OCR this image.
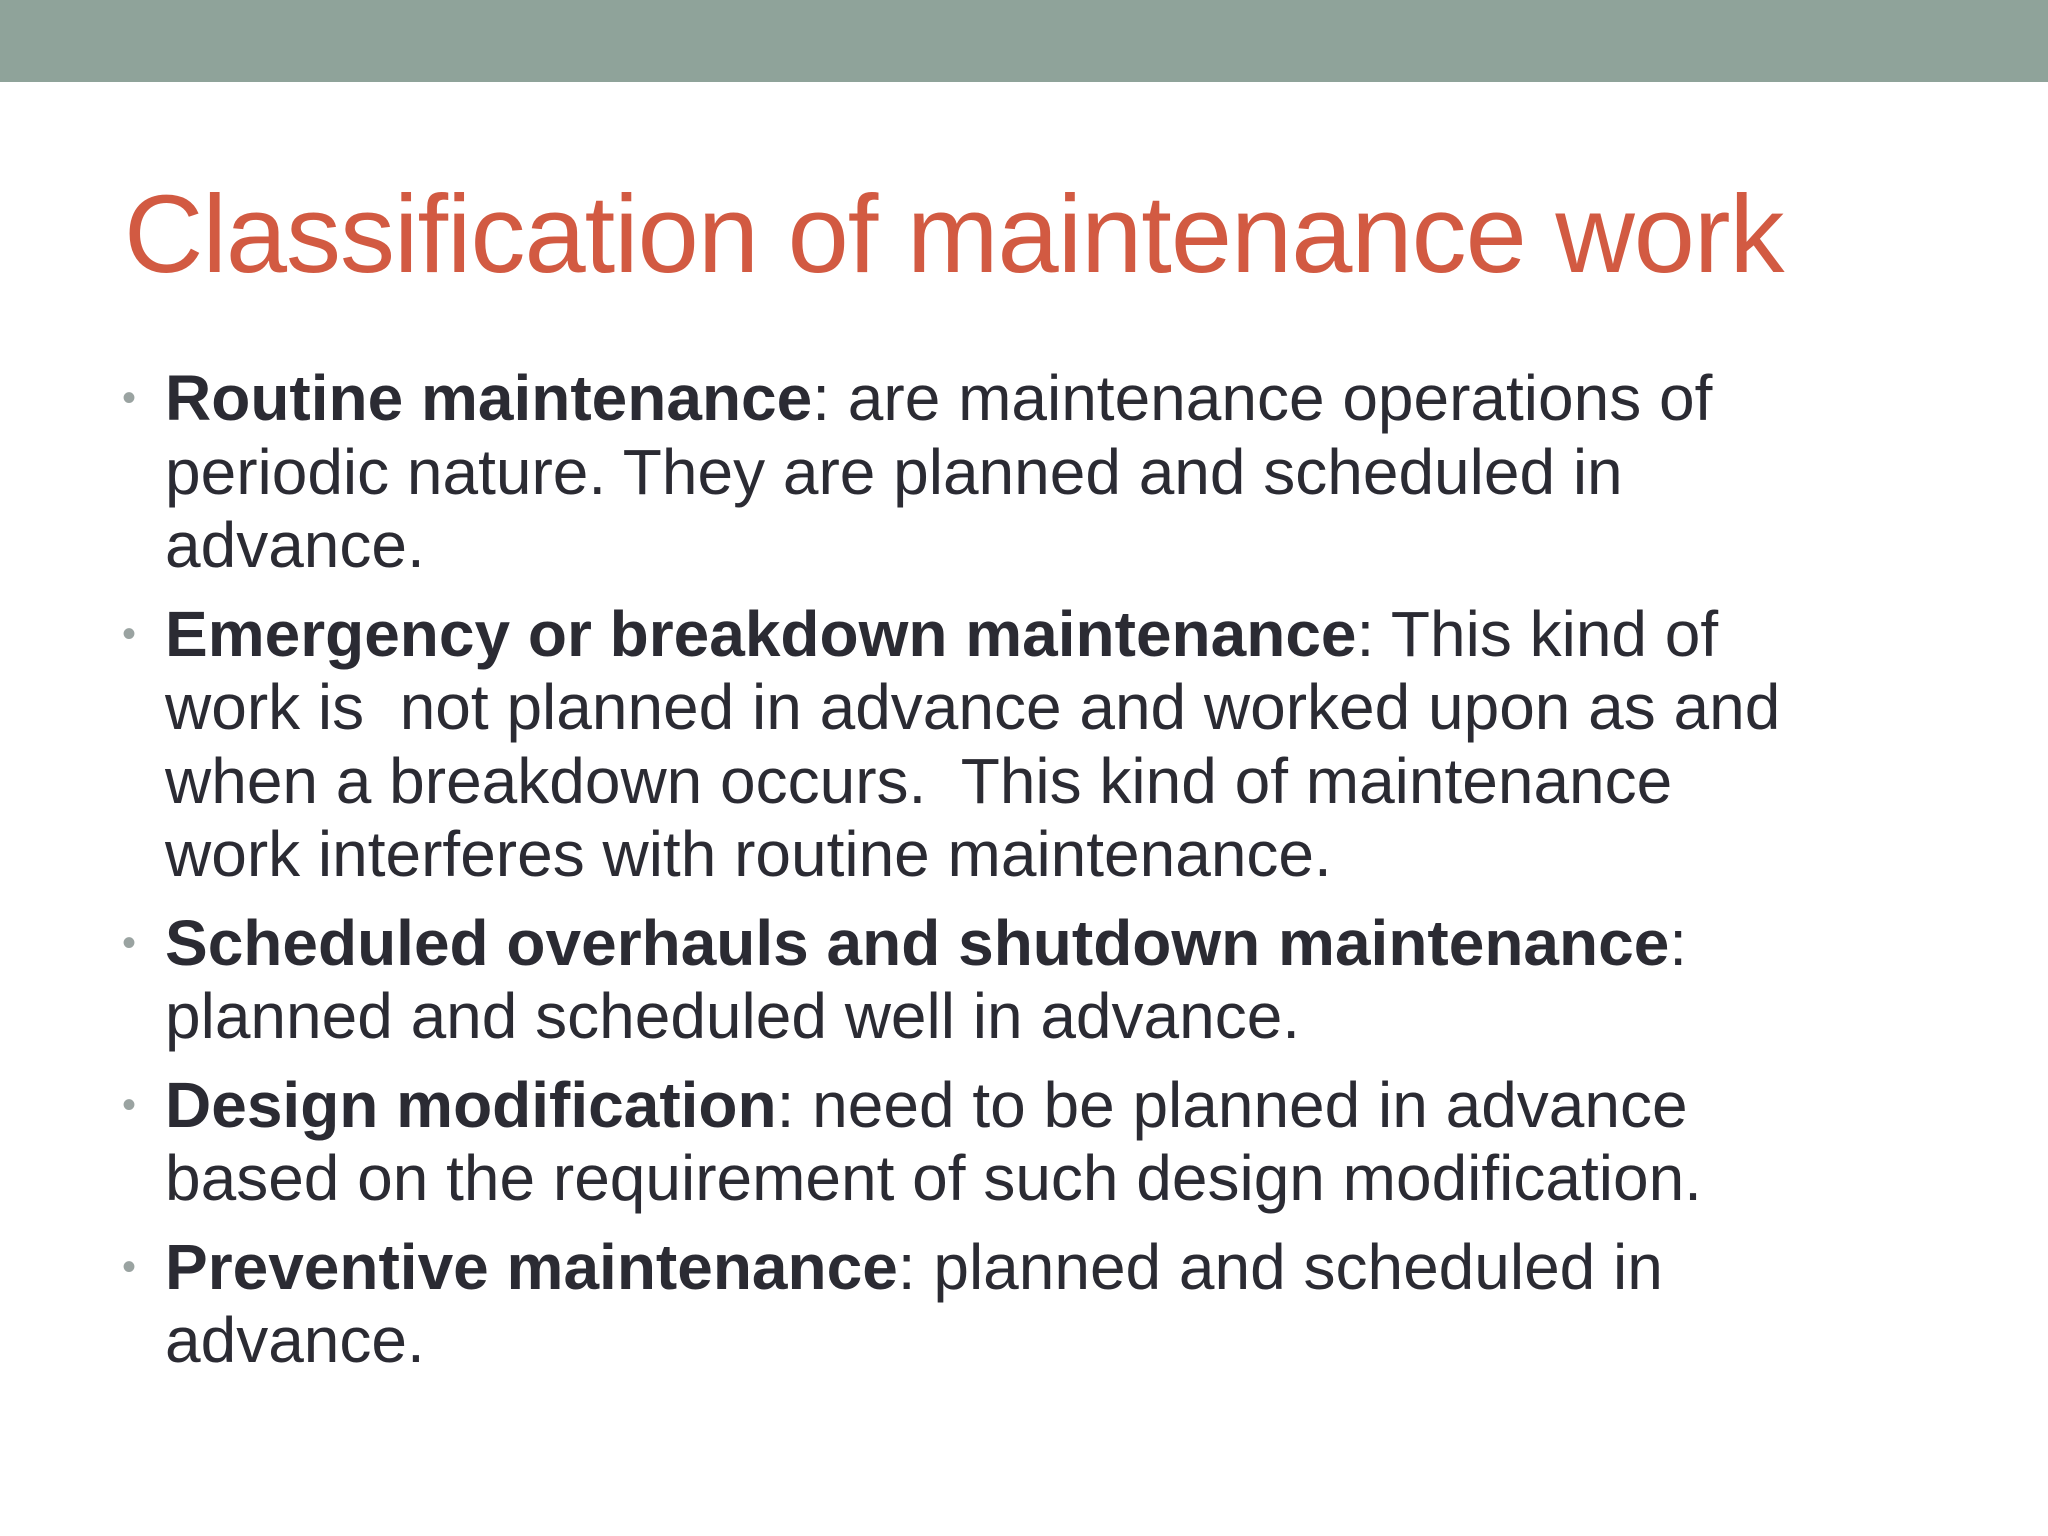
Classification of maintenance work
• Routine maintenance: are maintenance operations of
periodic nature. They are planned and scheduled in
advance.
• Emergency or breakdown maintenance: This kind of
work is  not planned in advance and worked upon as and
when a breakdown occurs.  This kind of maintenance
work interferes with routine maintenance.
• Scheduled overhauls and shutdown maintenance:
planned and scheduled well in advance.
• Design modification: need to be planned in advance
based on the requirement of such design modification.
• Preventive maintenance: planned and scheduled in
advance.
